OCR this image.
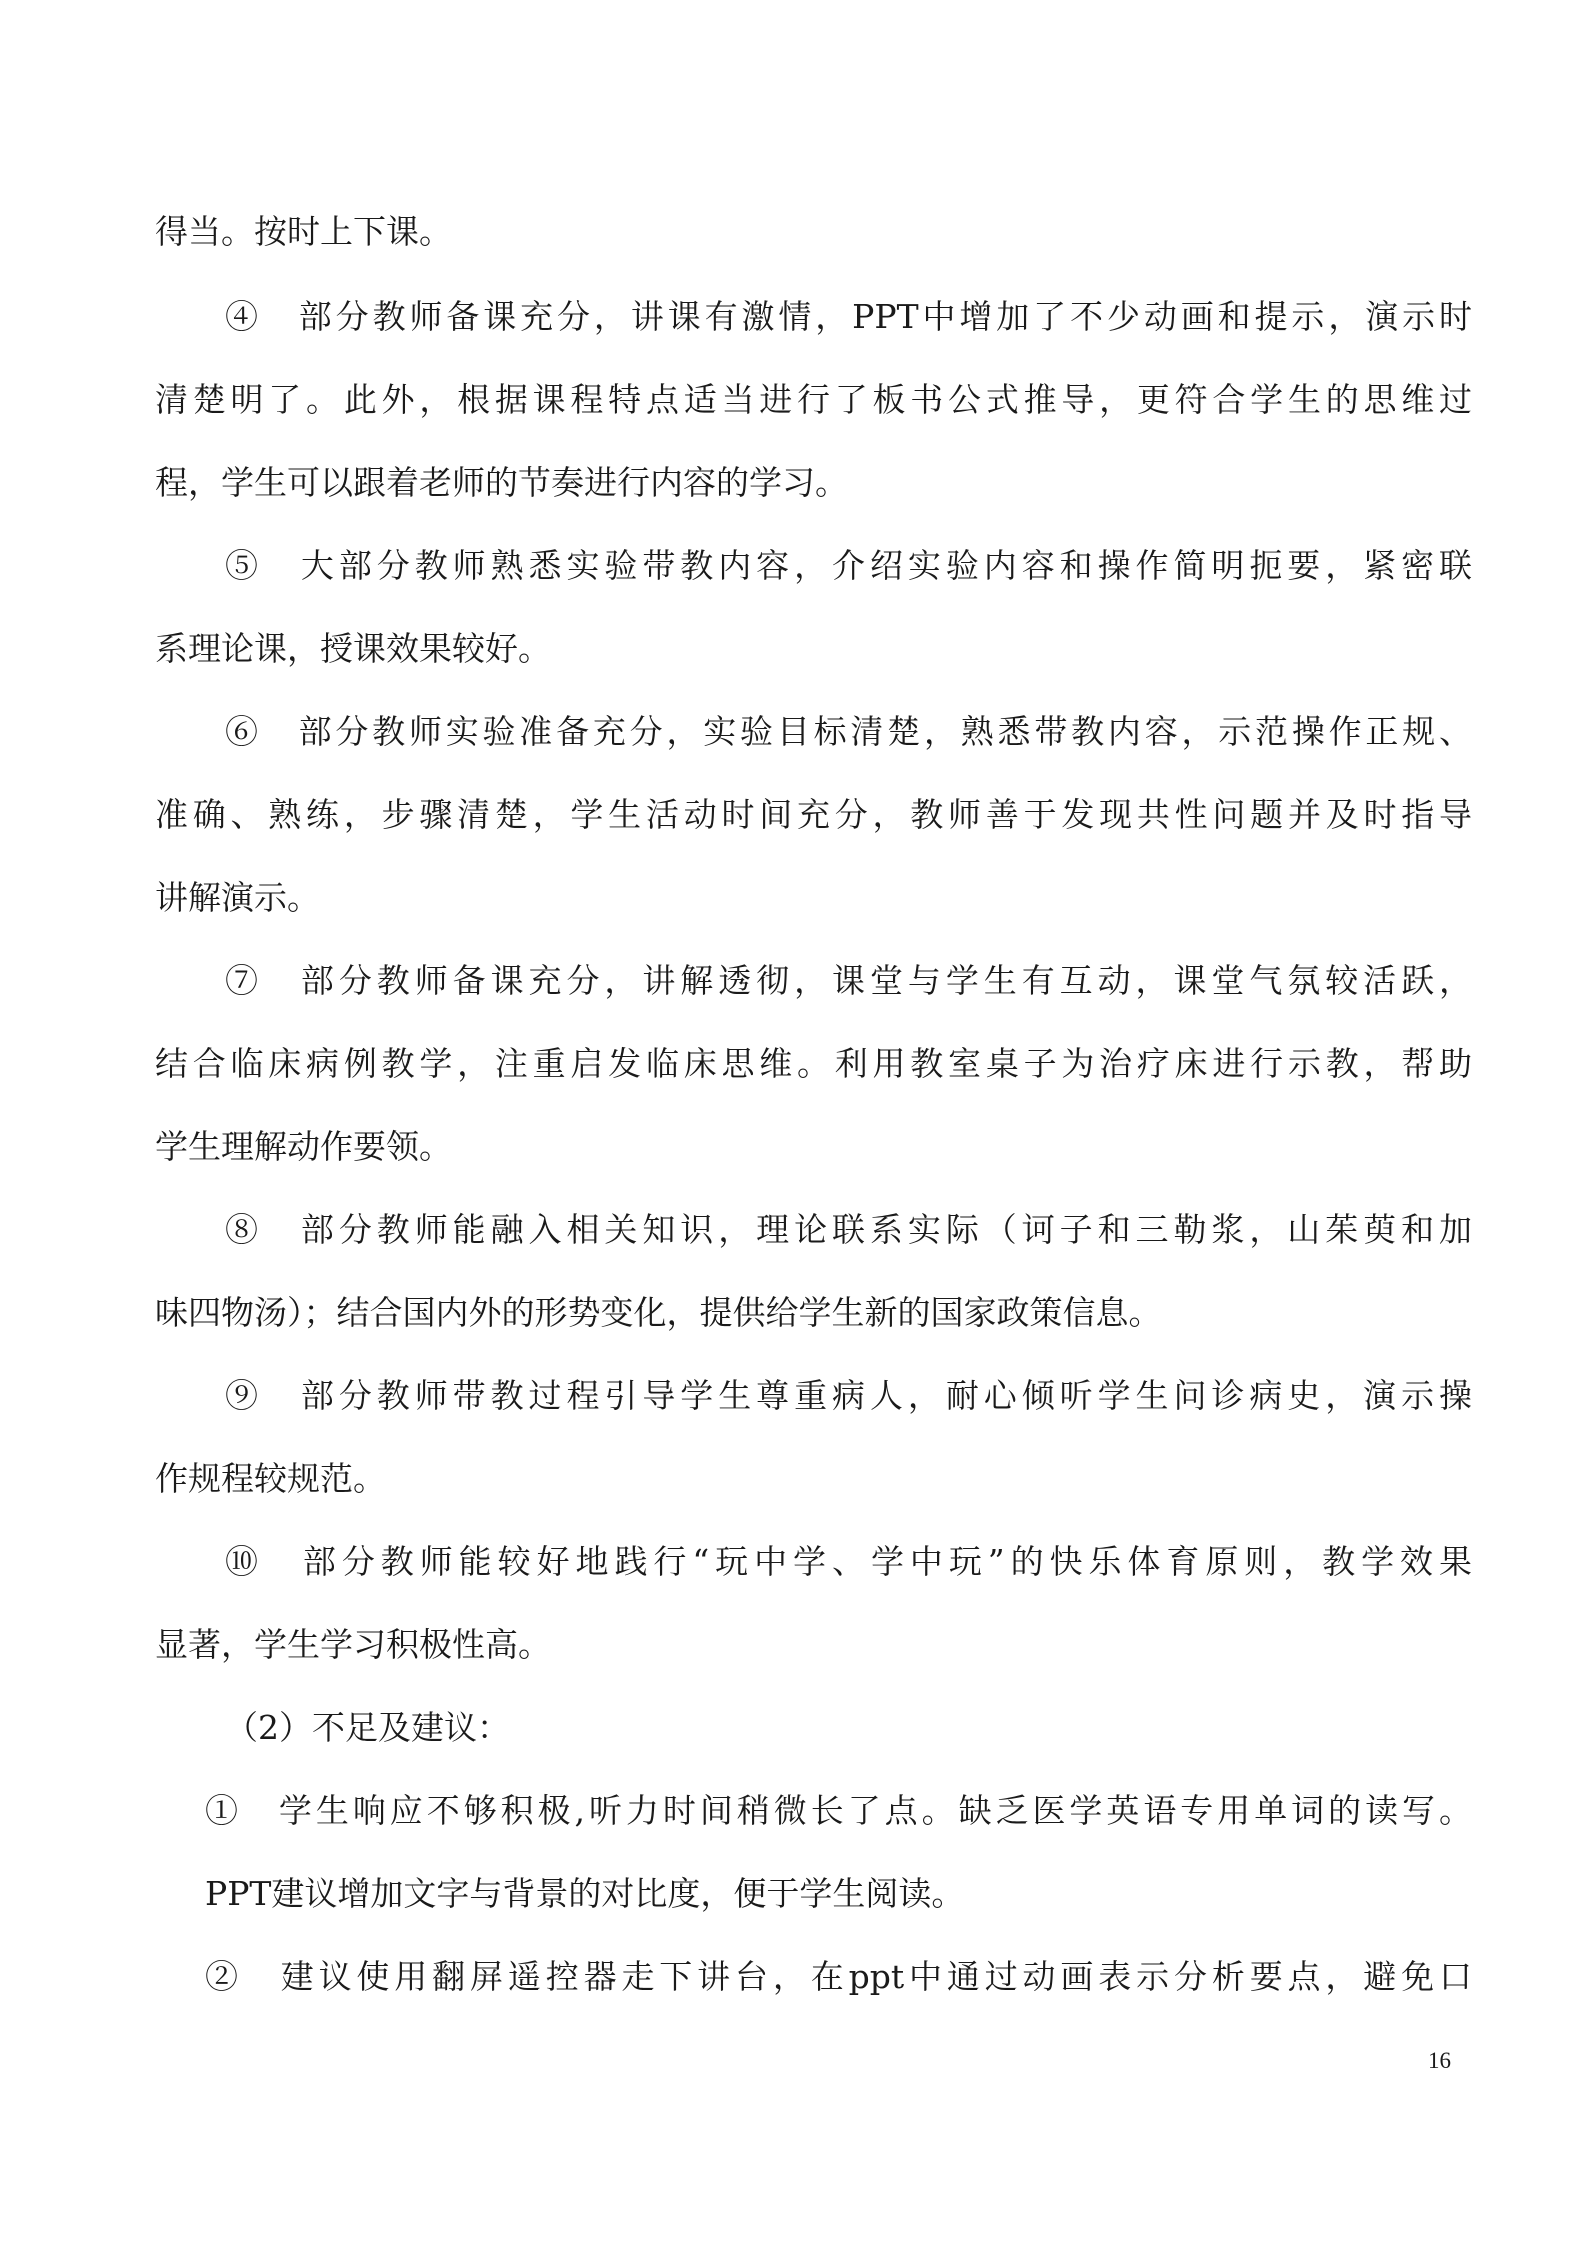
得当。按时上下课。
④　部分教师备课充分，讲课有激情，PPT中增加了不少动画和提示，演示时
清楚明了。此外，根据课程特点适当进行了板书公式推导，更符合学生的思维过
程，学生可以跟着老师的节奏进行内容的学习。
⑤　大部分教师熟悉实验带教内容，介绍实验内容和操作简明扼要，紧密联
系理论课，授课效果较好。
⑥　部分教师实验准备充分，实验目标清楚，熟悉带教内容，示范操作正规、
准确、熟练，步骤清楚，学生活动时间充分，教师善于发现共性问题并及时指导
讲解演示。
⑦　部分教师备课充分，讲解透彻，课堂与学生有互动，课堂气氛较活跃，
结合临床病例教学，注重启发临床思维。利用教室桌子为治疗床进行示教，帮助
学生理解动作要领。
⑧　部分教师能融入相关知识，理论联系实际（诃子和三勒浆，山茱萸和加
味四物汤）；结合国内外的形势变化，提供给学生新的国家政策信息。
⑨　部分教师带教过程引导学生尊重病人，耐心倾听学生问诊病史，演示操
作规程较规范。
⑩　部分教师能较好地践行“玩中学、学中玩”的快乐体育原则，教学效果
显著，学生学习积极性高。
（2）不足及建议：
①　学生响应不够积极,听力时间稍微长了点。缺乏医学英语专用单词的读写。
PPT建议增加文字与背景的对比度，便于学生阅读。
②　建议使用翻屏遥控器走下讲台，在ppt中通过动画表示分析要点，避免口
16
